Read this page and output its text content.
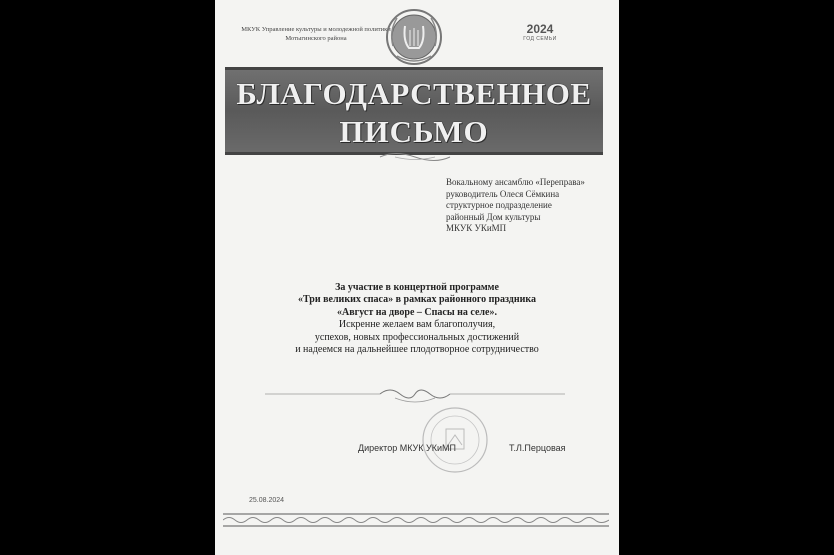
МКУК Управление культуры и молодежной политики
Мотыгинского района
2024
ГОД СЕМЬИ
БЛАГОДАРСТВЕННОЕ
ПИСЬМО
Вокальному ансамблю «Переправа»
руководитель Олеся Сёмкина
структурное подразделение
районный Дом культуры
МКУК УКиМП
За участие в концертной программе
«Три великих спаса» в рамках районного праздника
«Август на дворе – Спасы на селе».
Искренне желаем вам благополучия,
успехов, новых профессиональных достижений
и надеемся на дальнейшее плодотворное сотрудничество
Директор МКУК УКиМП	Т.Л.Перцовая
25.08.2024
